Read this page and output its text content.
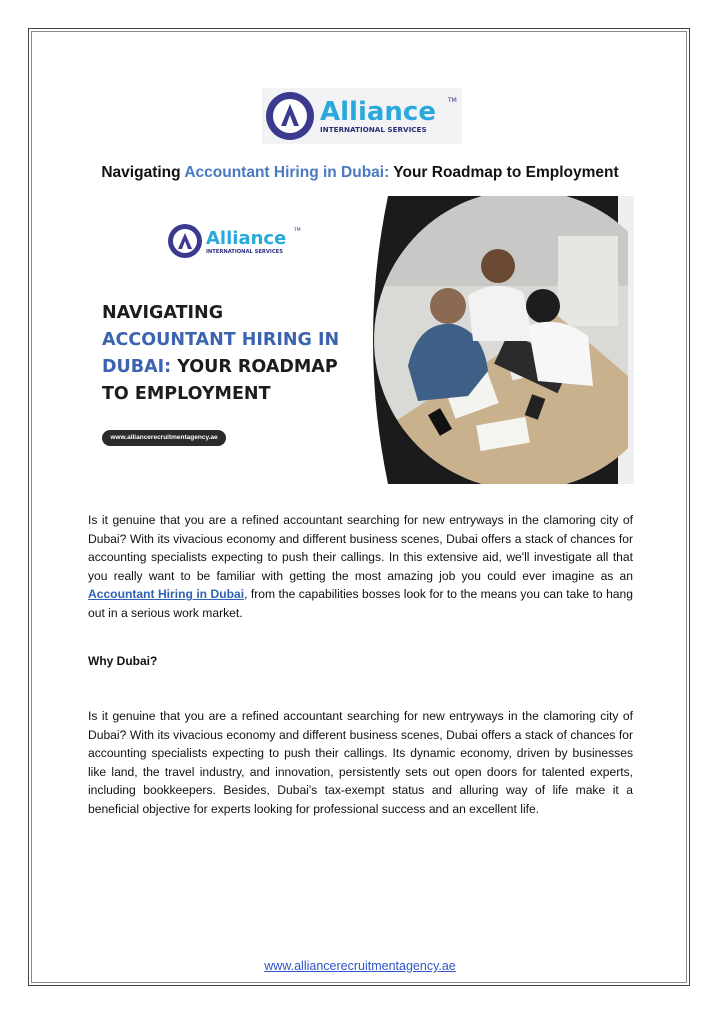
Alliance TM
INTERNATIONAL SERVICES
Navigating Accountant Hiring in Dubai: Your Roadmap to Employment
Alliance TM
INTERNATIONAL SERVICES
NAVIGATING
ACCOUNTANT HIRING IN
DUBAI: YOUR ROADMAP
TO EMPLOYMENT
www.alliancerecruitmentagency.ae

Is it genuine that you are a refined accountant searching for new entryways in the clamoring city of Dubai? With its vivacious economy and different business scenes, Dubai offers a stack of chances for accounting specialists expecting to push their callings. In this extensive aid, we'll investigate all that you really want to be familiar with getting the most amazing job you could ever imagine as an Accountant Hiring in Dubai, from the capabilities bosses look for to the means you can take to hang out in a serious work market.

Why Dubai?

Is it genuine that you are a refined accountant searching for new entryways in the clamoring city of Dubai? With its vivacious economy and different business scenes, Dubai offers a stack of chances for accounting specialists expecting to push their callings. Its dynamic economy, driven by businesses like land, the travel industry, and innovation, persistently sets out open doors for talented experts, including bookkeepers. Besides, Dubai's tax-exempt status and alluring way of life make it a beneficial objective for experts looking for professional success and an excellent life.

www.alliancerecruitmentagency.ae
